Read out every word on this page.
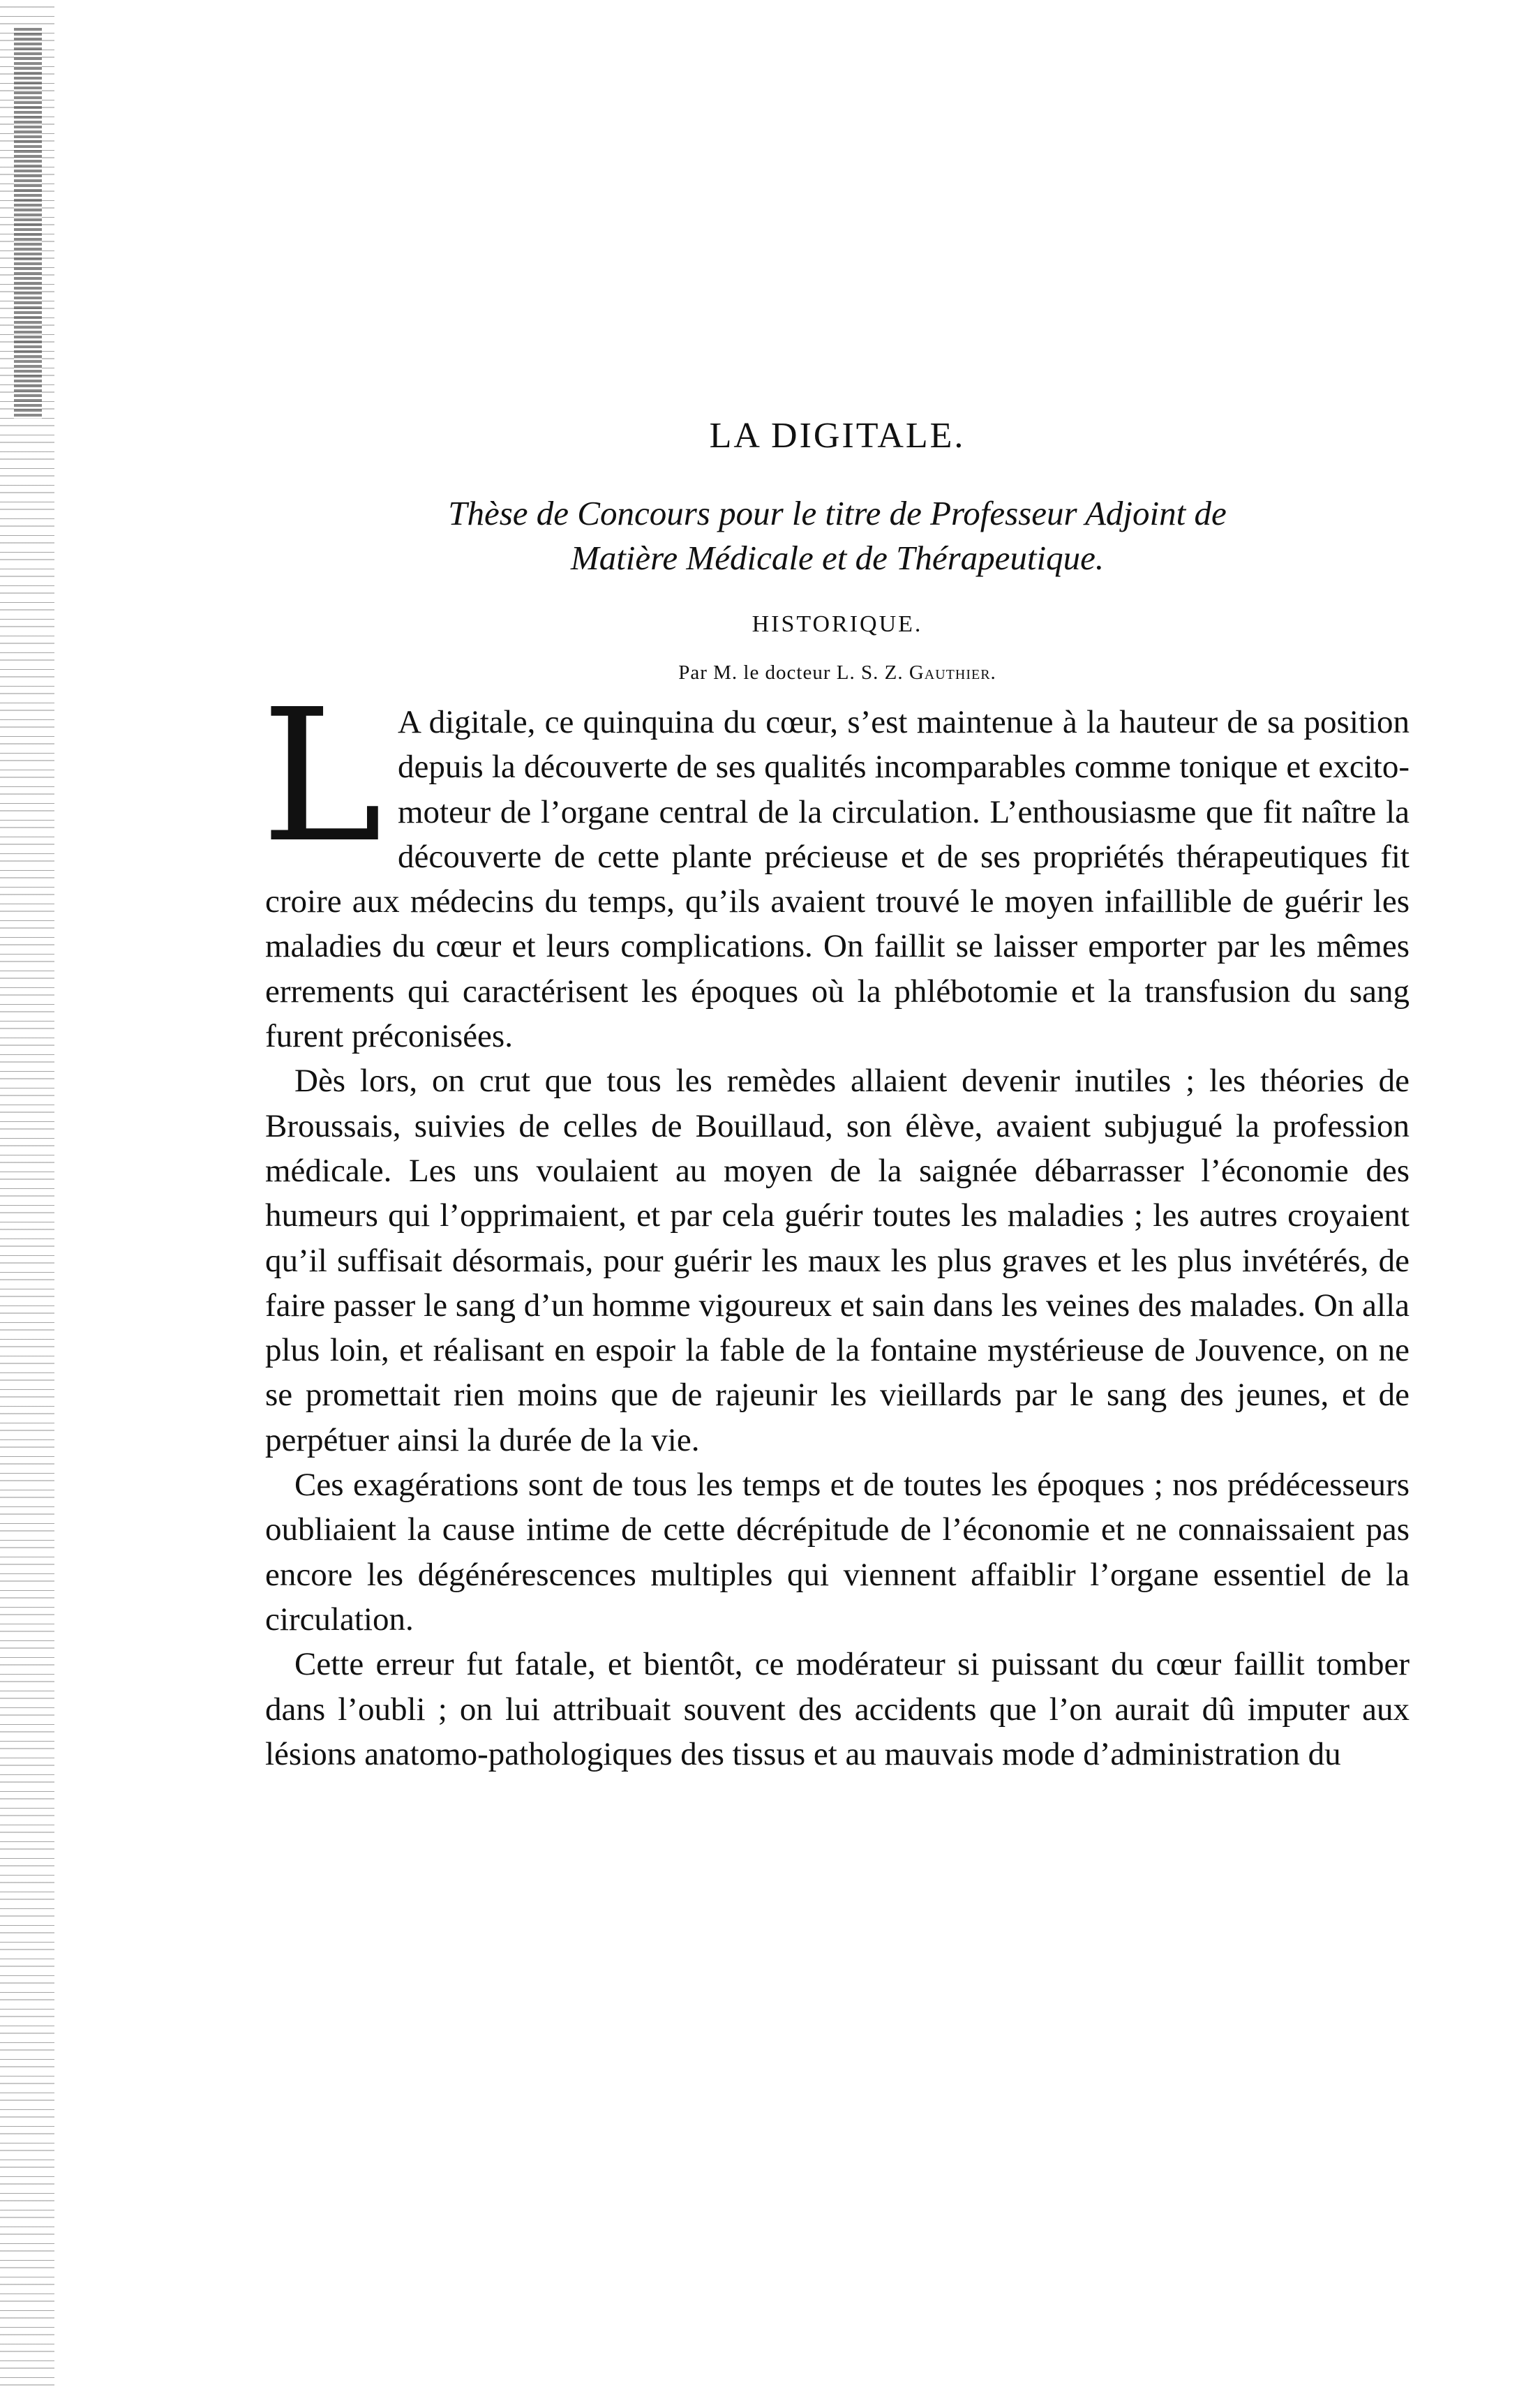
LA DIGITALE.
Thèse de Concours pour le titre de Professeur Adjoint de
Matière Médicale et de Thérapeutique.
HISTORIQUE.
Par M. le docteur L. S. Z. Gauthier.

L A digitale, ce quinquina du cœur, s’est maintenue à la hauteur de sa position depuis la découverte de ses qualités incomparables comme tonique et excito-moteur de l’organe central de la circulation. L’enthousiasme que fit naître la découverte de cette plante précieuse et de ses propriétés thérapeutiques fit croire aux médecins du temps, qu’ils avaient trouvé le moyen infaillible de guérir les maladies du cœur et leurs complications. On faillit se laisser emporter par les mêmes errements qui caractérisent les époques où la phlébotomie et la transfusion du sang furent préconisées.

Dès lors, on crut que tous les remèdes allaient devenir inutiles ; les théories de Broussais, suivies de celles de Bouillaud, son élève, avaient subjugué la profession médicale. Les uns voulaient au moyen de la saignée débarrasser l’économie des humeurs qui l’opprimaient, et par cela guérir toutes les maladies ; les autres croyaient qu’il suffisait désormais, pour guérir les maux les plus graves et les plus invétérés, de faire passer le sang d’un homme vigoureux et sain dans les veines des malades. On alla plus loin, et réalisant en espoir la fable de la fontaine mystérieuse de Jouvence, on ne se promettait rien moins que de rajeunir les vieillards par le sang des jeunes, et de perpétuer ainsi la durée de la vie.

Ces exagérations sont de tous les temps et de toutes les époques ; nos prédécesseurs oubliaient la cause intime de cette décrépitude de l’économie et ne connaissaient pas encore les dégénérescences multiples qui viennent affaiblir l’organe essentiel de la circulation.

Cette erreur fut fatale, et bientôt, ce modérateur si puissant du cœur faillit tomber dans l’oubli ; on lui attribuait souvent des accidents que l’on aurait dû imputer aux lésions anatomo-pathologiques des tissus et au mauvais mode d’administration du
